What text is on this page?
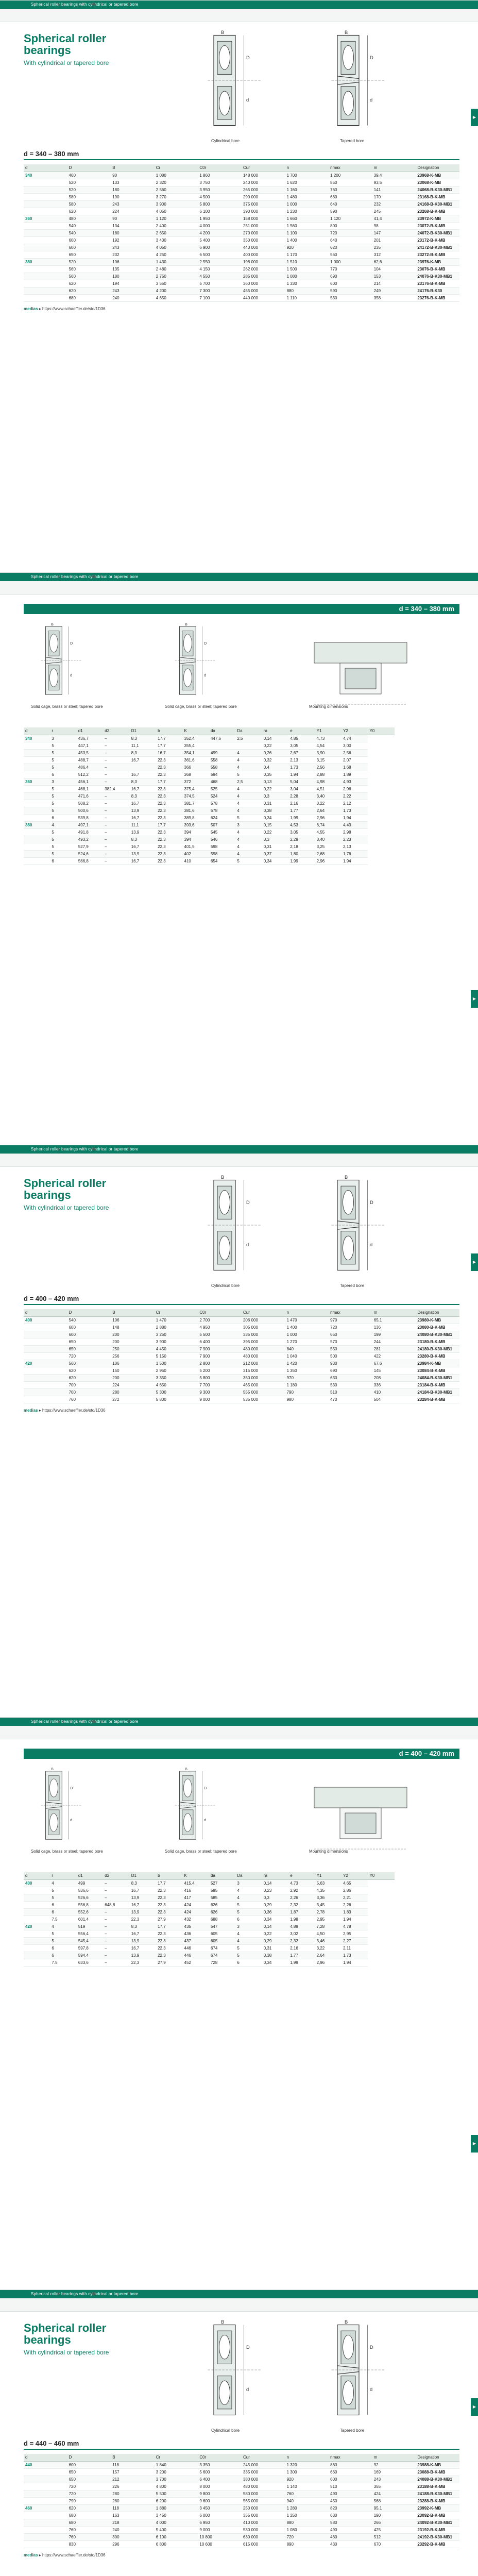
Spherical roller bearings with cylindrical or tapered bore
▶
Spherical roller bearings
With cylindrical or tapered bore
D
d
B
D
d
B
Cylindrical bore	Tapered bore
d = 340 – 380 mm
d	D	B	Cr	C0r	Cur	n	nmax	m	Designation
340	460	90	1 080	1 860	148 000	1 700	1 200	39,4	23968-K-MB
	520	133	2 320	3 750	240 000	1 620	850	93,5	23068-K-MB
	520	180	2 560	3 950	265 000	1 160	760	141	24068-B-K30-MB1
	580	190	3 270	4 500	290 000	1 480	660	170	23168-B-K-MB
	580	243	3 900	5 800	375 000	1 000	640	232	24168-B-K30-MB1
	620	224	4 050	6 100	390 000	1 230	590	245	23268-B-K-MB
360	480	90	1 120	1 950	158 000	1 660	1 120	41,4	23972-K-MB
	540	134	2 400	4 000	251 000	1 560	800	98	23072-B-K-MB
	540	180	2 650	4 200	270 000	1 100	720	147	24072-B-K30-MB1
	600	192	3 430	5 400	350 000	1 400	640	201	23172-B-K-MB
	600	243	4 050	6 900	440 000	920	620	235	24172-B-K30-MB1
	650	232	4 250	6 500	400 000	1 170	560	312	23272-B-K-MB
380	520	106	1 430	2 550	198 000	1 510	1 000	62,6	23976-K-MB
	560	135	2 480	4 150	262 000	1 500	770	104	23076-B-K-MB
	560	180	2 750	4 550	285 000	1 080	690	153	24076-B-K30-MB1
	620	194	3 550	5 700	360 000	1 330	600	214	23176-B-K-MB
	620	243	4 200	7 300	455 000	880	590	249	24176-B-K30
	680	240	4 650	7 100	440 000	1 110	530	358	23276-B-K-MB
medias ▸ https://www.schaeffler.de/std/1D36
Spherical roller bearings with cylindrical or tapered bore
▶
d = 340 – 380 mm
D
d
B
D
d
B
Solid cage, brass or steel; tapered bore	Solid cage, brass or steel; tapered bore	Mounting dimensions
d	r	d1	d2	D1	b	K	da	Da	ra	e	Y1	Y2	Y0
340	3	436,7	–	8,3	17,7	352,4	447,6	2,5	0,14	4,85	4,73	4,74	
	5	447,1	–	11,1	17,7	355,4			0,22	3,05	4,54	3,00	
	5	453,5	–	8,3	16,7	354,1	499	4	0,26	2,67	3,90	2,56	
	5	488,7	–	16,7	22,3	361,6	558	4	0,32	2,13	3,15	2,07	
	5	486,4	–		22,3	366	558	4	0,4	1,73	2,56	1,68	
	6	512,2	–	16,7	22,3	368	594	5	0,35	1,94	2,88	1,89	
360	3	456,1	–	8,3	17,7	372	468	2,5	0,13	5,04	4,98	4,93	
	5	468,1	382,4	16,7	22,3	375,4	525	4	0,22	3,04	4,51	2,96	
	5	471,6	–	8,3	22,3	374,5	524	4	0,3	2,28	3,40	2,22	
	5	508,2	–	16,7	22,3	381,7	578	4	0,31	2,16	3,22	2,12	
	5	500,6	–	13,9	22,3	381,6	578	4	0,38	1,77	2,64	1,73	
	6	539,8	–	16,7	22,3	389,8	624	5	0,34	1,99	2,96	1,94	
380	4	497,1	–	11,1	17,7	393,6	507	3	0,15	4,53	6,74	4,43	
	5	491,8	–	13,9	22,3	394	545	4	0,22	3,05	4,55	2,98	
	5	493,2	–	8,3	22,3	394	546	4	0,3	2,28	3,40	2,23	
	5	527,9	–	16,7	22,3	401,5	598	4	0,31	2,18	3,25	2,13	
	5	524,6	–	13,9	22,3	402	598	4	0,37	1,80	2,68	1,76	
	6	566,8	–	16,7	22,3	410	654	5	0,34	1,99	2,96	1,94	
Spherical roller bearings with cylindrical or tapered bore
▶
Spherical roller bearings
With cylindrical or tapered bore
D
d
B
D
d
B
Cylindrical bore	Tapered bore
d = 400 – 420 mm
d	D	B	Cr	C0r	Cur	n	nmax	m	Designation
400	540	106	1 470	2 700	206 000	1 470	970	65,1	23980-K-MB
	600	148	2 880	4 950	305 000	1 400	720	136	23080-B-K-MB
	600	200	3 250	5 500	335 000	1 000	650	199	24080-B-K30-MB1
	650	200	3 900	6 400	395 000	1 270	570	244	23180-B-K-MB
	650	250	4 450	7 900	480 000	840	550	281	24180-B-K30-MB1
	720	256	5 150	7 900	480 000	1 040	500	422	23280-B-K-MB
420	560	106	1 500	2 800	212 000	1 420	930	67,6	23984-K-MB
	620	150	2 950	5 200	315 000	1 350	690	145	23084-B-K-MB
	620	200	3 350	5 800	350 000	970	630	208	24084-B-K30-MB1
	700	224	4 650	7 700	465 000	1 180	530	336	23184-B-K-MB
	700	280	5 300	9 300	555 000	790	510	410	24184-B-K30-MB1
	760	272	5 800	9 000	535 000	980	470	504	23284-B-K-MB
medias ▸ https://www.schaeffler.de/std/1D36
Spherical roller bearings with cylindrical or tapered bore
▶
d = 400 – 420 mm
D
d
B
D
d
B
Solid cage, brass or steel; tapered bore	Solid cage, brass or steel; tapered bore	Mounting dimensions
d	r	d1	d2	D1	b	K	da	Da	ra	e	Y1	Y2	Y0
400	4	499	–	8,3	17,7	415,4	527	3	0,14	4,73	5,63	4,65	
	5	536,6	–	16,7	22,3	416	585	4	0,23	2,92	4,35	2,86	
	5	526,6	–	13,9	22,3	417	585	4	0,3	2,26	3,36	2,21	
	6	556,8	648,8	16,7	22,3	424	626	5	0,29	2,32	3,45	2,26	
	6	552,6	–	13,9	22,3	424	626	5	0,36	1,87	2,78	1,83	
	7.5	601,4	–	22,3	27,9	432	688	6	0,34	1,98	2,95	1,94	
420	4	519	–	8,3	17,7	435	547	3	0,14	4,89	7,28	4,78	
	5	556,4	–	16,7	22,3	436	605	4	0,22	3,02	4,50	2,95	
	5	545,4	–	13,9	22,3	437	605	4	0,29	2,32	3,46	2,27	
	6	597,8	–	16,7	22,3	446	674	5	0,31	2,16	3,22	2,11	
	6	594,4	–	13,9	22,3	446	674	5	0,38	1,77	2,64	1,73	
	7.5	633,6	–	22,3	27,9	452	728	6	0,34	1,99	2,96	1,94	
Spherical roller bearings with cylindrical or tapered bore
▶
Spherical roller bearings
With cylindrical or tapered bore
D
d
B
D
d
B
Cylindrical bore	Tapered bore
d = 440 – 460 mm
d	D	B	Cr	C0r	Cur	n	nmax	m	Designation
440	600	118	1 840	3 350	245 000	1 320	860	92	23988-K-MB
	650	157	3 200	5 600	335 000	1 300	660	169	23088-B-K-MB
	650	212	3 700	6 400	380 000	920	600	243	24088-B-K30-MB1
	720	226	4 800	8 000	480 000	1 140	510	355	23188-B-K-MB
	720	280	5 500	9 800	580 000	760	490	424	24188-B-K30-MB1
	790	280	6 200	9 600	565 000	940	450	568	23288-B-K-MB
460	620	118	1 880	3 450	250 000	1 280	820	95,1	23992-K-MB
	680	163	3 450	6 000	355 000	1 250	630	190	23092-B-K-MB
	680	218	4 000	6 950	410 000	880	580	266	24092-B-K30-MB1
	760	240	5 400	9 000	530 000	1 080	490	425	23192-B-K-MB
	760	300	6 100	10 800	630 000	720	460	512	24192-B-K30-MB1
	830	296	6 800	10 600	615 000	890	430	670	23292-B-K-MB
medias ▸ https://www.schaeffler.de/std/1D36
